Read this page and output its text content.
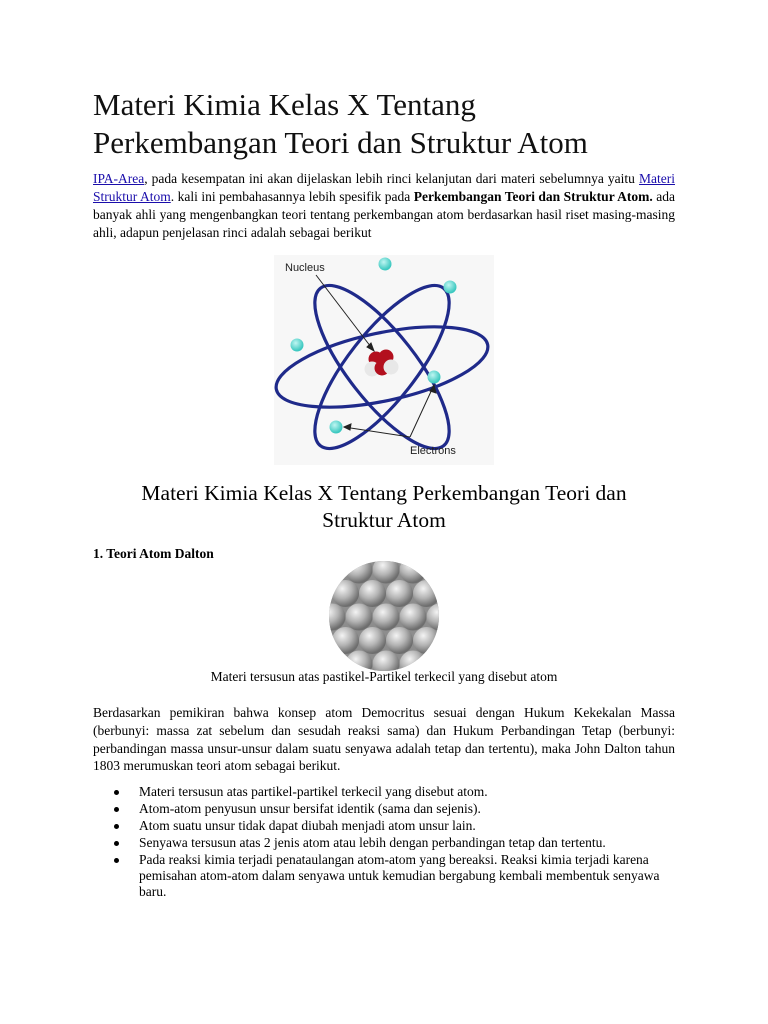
Materi Kimia Kelas X Tentang
Perkembangan Teori dan Struktur Atom

IPA-Area, pada kesempatan ini akan dijelaskan lebih rinci kelanjutan dari materi sebelumnya yaitu Materi Struktur Atom. kali ini pembahasannya lebih spesifik pada Perkembangan Teori dan Struktur Atom. ada banyak ahli yang mengenbangkan teori tentang perkembangan atom berdasarkan hasil riset masing-masing ahli, adapun penjelasan rinci adalah sebagai berikut

Nucleus
Electrons
Materi Kimia Kelas X Tentang Perkembangan Teori dan
Struktur Atom
1. Teori Atom Dalton

Materi tersusun atas pastikel-Partikel terkecil yang disebut atom

Berdasarkan pemikiran bahwa konsep atom Democritus sesuai dengan Hukum Kekekalan Massa (berbunyi: massa zat sebelum dan sesudah reaksi sama) dan Hukum Perbandingan Tetap (berbunyi: perbandingan massa unsur-unsur dalam suatu senyawa adalah tetap dan tertentu), maka John Dalton tahun 1803 merumuskan teori atom sebagai berikut.

Materi tersusun atas partikel-partikel terkecil yang disebut atom.
Atom-atom penyusun unsur bersifat identik (sama dan sejenis).
Atom suatu unsur tidak dapat diubah menjadi atom unsur lain.
Senyawa tersusun atas 2 jenis atom atau lebih dengan perbandingan tetap dan tertentu.
Pada reaksi kimia terjadi penataulangan atom-atom yang bereaksi. Reaksi kimia terjadi karena pemisahan atom-atom dalam senyawa untuk kemudian bergabung kembali membentuk senyawa baru.
